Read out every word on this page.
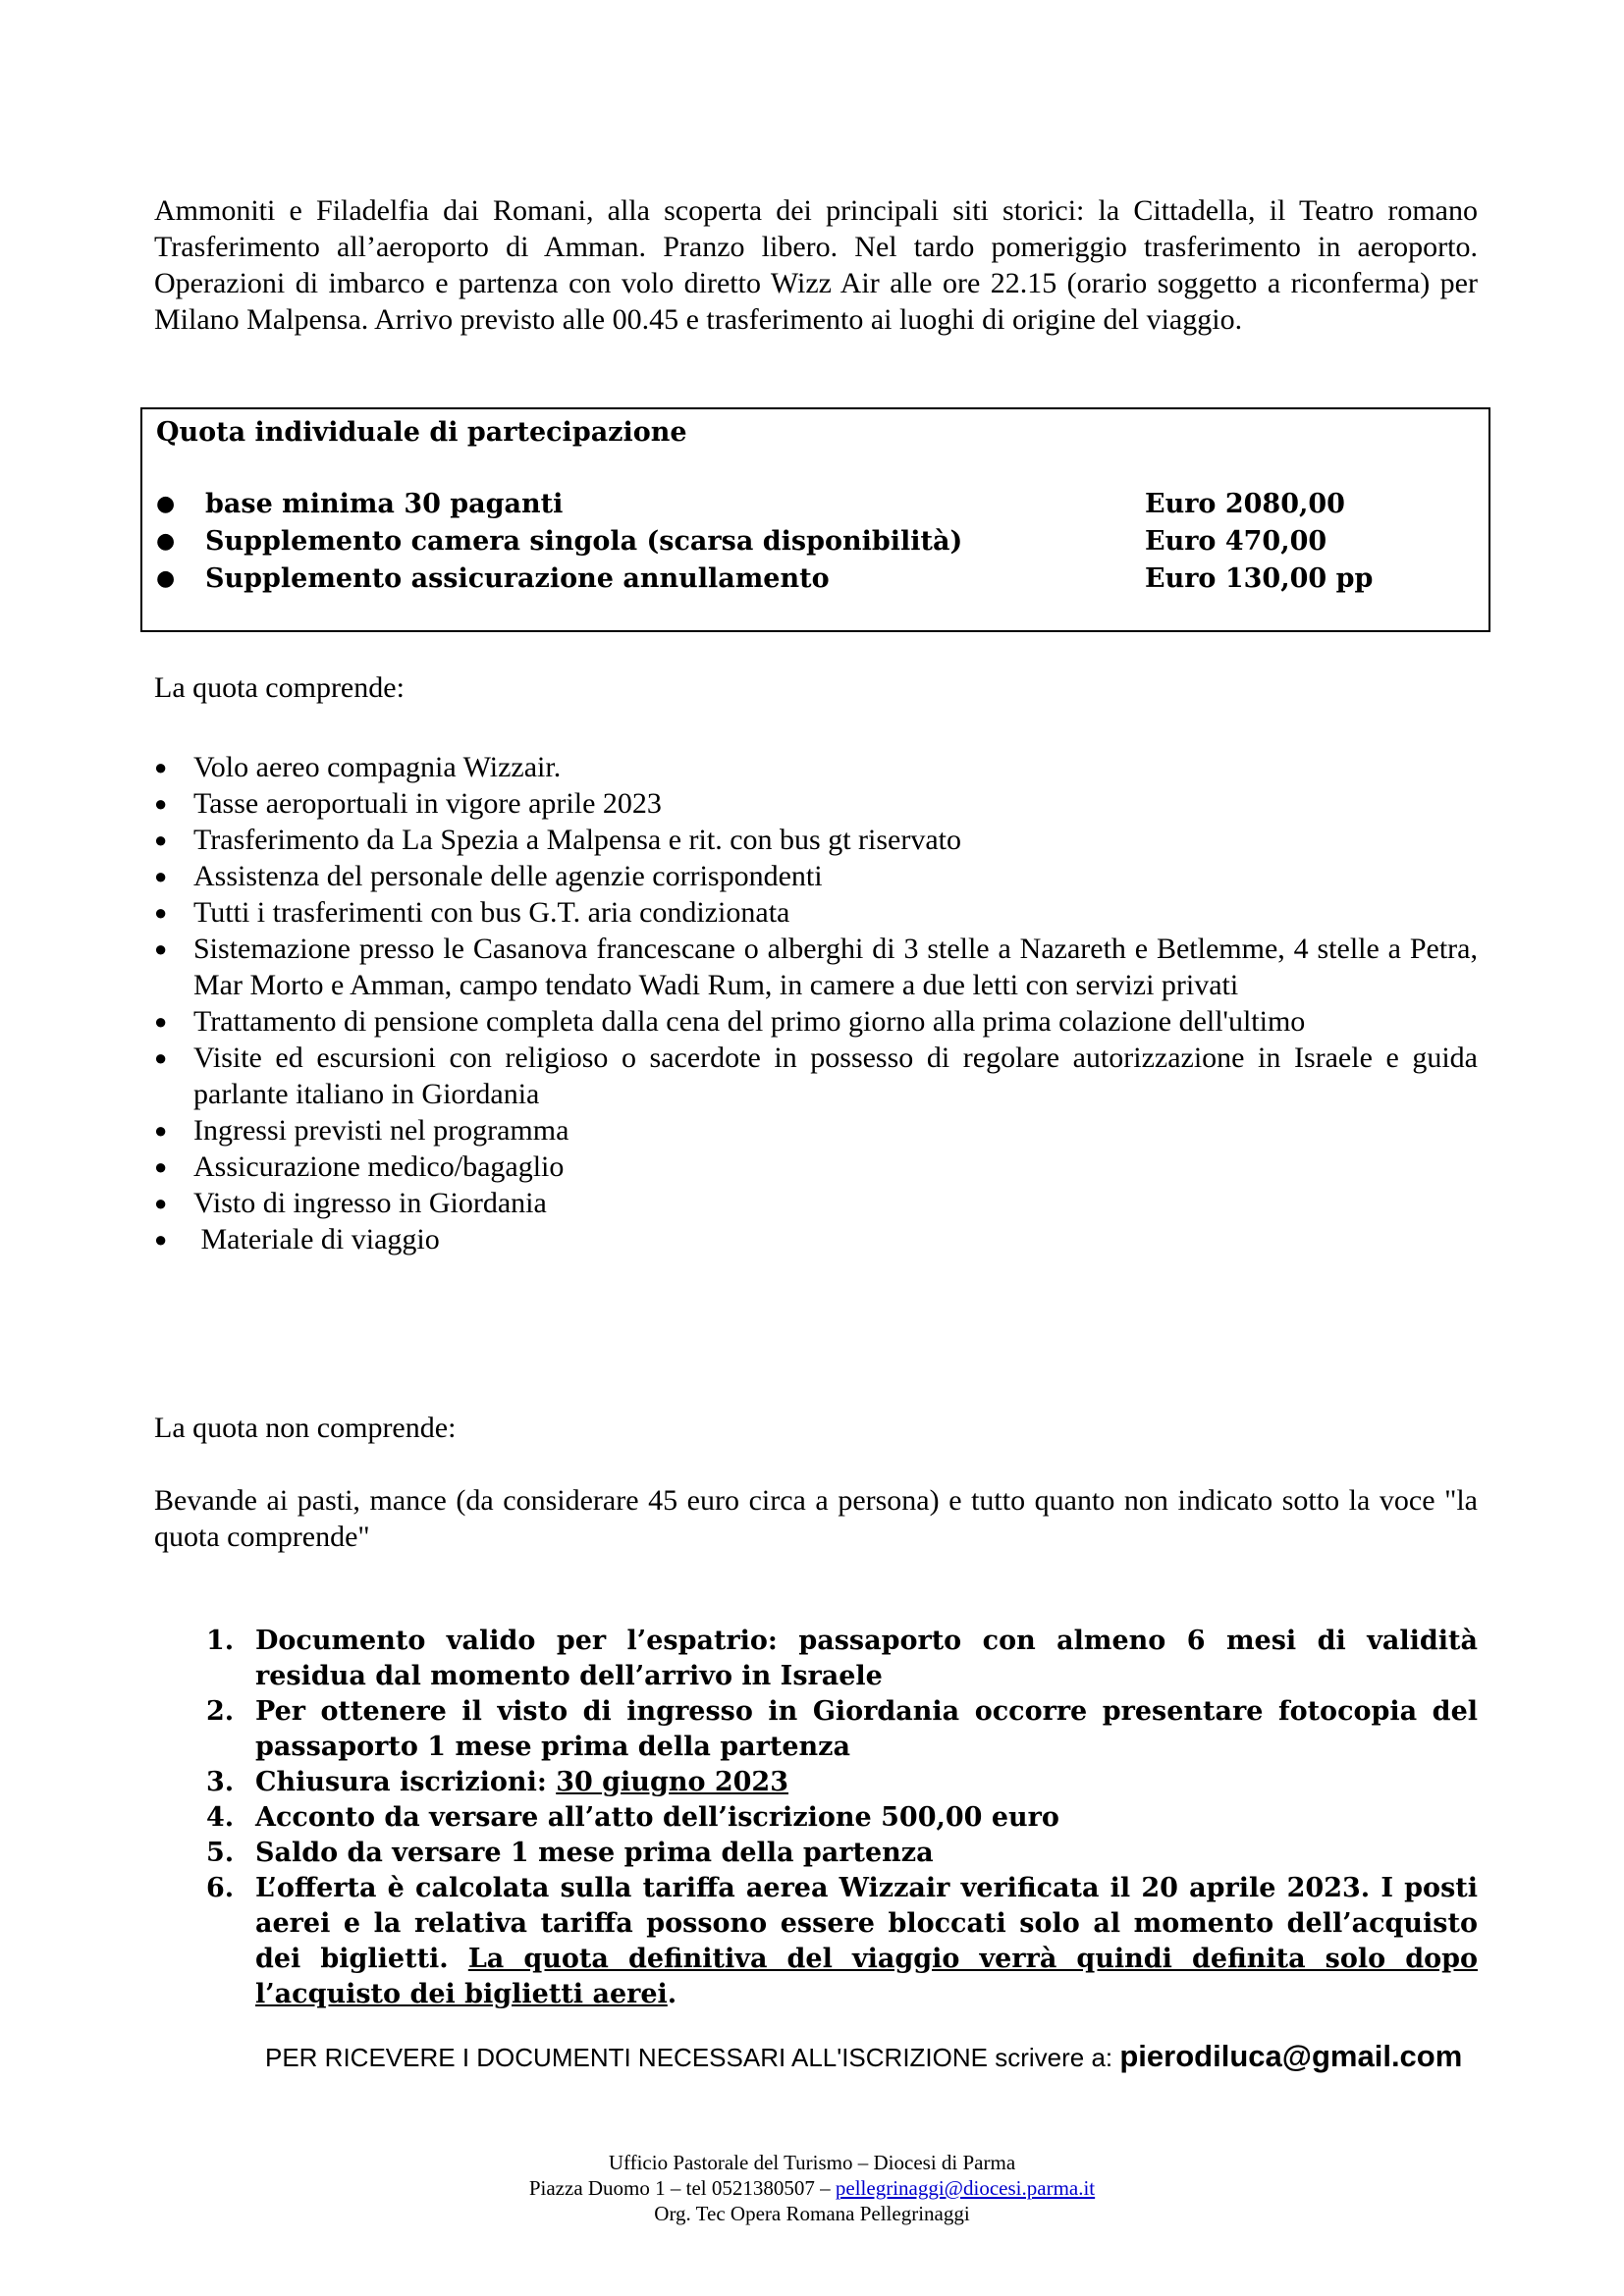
Ammoniti e Filadelfia dai Romani, alla scoperta dei principali siti storici: la Cittadella, il Teatro romano Trasferimento all’aeroporto di Amman. Pranzo libero. Nel tardo pomeriggio trasferimento in aeroporto. Operazioni di imbarco e partenza con volo diretto Wizz Air alle ore 22.15 (orario soggetto a riconferma) per Milano Malpensa. Arrivo previsto alle 00.45 e trasferimento ai luoghi di origine del viaggio.
Quota individuale di partecipazione
● base minima 30 paganti	Euro 2080,00
● Supplemento camera singola (scarsa disponibilità)	Euro 470,00
● Supplemento assicurazione annullamento	Euro 130,00 pp
La quota comprende:
● Volo aereo compagnia Wizzair.
● Tasse aeroportuali in vigore aprile 2023
● Trasferimento da La Spezia a Malpensa e rit. con bus gt riservato
● Assistenza del personale delle agenzie corrispondenti
● Tutti i trasferimenti con bus G.T. aria condizionata
● Sistemazione presso le Casanova francescane o alberghi di 3 stelle a Nazareth e Betlemme, 4 stelle a Petra, Mar Morto e Amman, campo tendato Wadi Rum, in camere a due letti con servizi privati
● Trattamento di pensione completa dalla cena del primo giorno alla prima colazione dell'ultimo
● Visite ed escursioni con religioso o sacerdote in possesso di regolare autorizzazione in Israele e guida parlante italiano in Giordania
● Ingressi previsti nel programma
● Assicurazione medico/bagaglio
● Visto di ingresso in Giordania
● Materiale di viaggio
La quota non comprende:
Bevande ai pasti, mance (da considerare 45 euro circa a persona) e tutto quanto non indicato sotto la voce "la quota comprende"
1. Documento valido per l’espatrio: passaporto con almeno 6 mesi di validità residua dal momento dell’arrivo in Israele
2. Per ottenere il visto di ingresso in Giordania occorre presentare fotocopia del passaporto 1 mese prima della partenza
3. Chiusura iscrizioni: 30 giugno 2023
4. Acconto da versare all’atto dell’iscrizione 500,00 euro
5. Saldo da versare 1 mese prima della partenza
6. L’offerta è calcolata sulla tariffa aerea Wizzair verificata il 20 aprile 2023. I posti aerei e la relativa tariffa possono essere bloccati solo al momento dell’acquisto dei biglietti. La quota definitiva del viaggio verrà quindi definita solo dopo l’acquisto dei biglietti aerei.
PER RICEVERE I DOCUMENTI NECESSARI ALL'ISCRIZIONE scrivere a: pierodiluca@gmail.com
Ufficio Pastorale del Turismo – Diocesi di Parma
Piazza Duomo 1 – tel 0521380507 – pellegrinaggi@diocesi.parma.it
Org. Tec Opera Romana Pellegrinaggi
